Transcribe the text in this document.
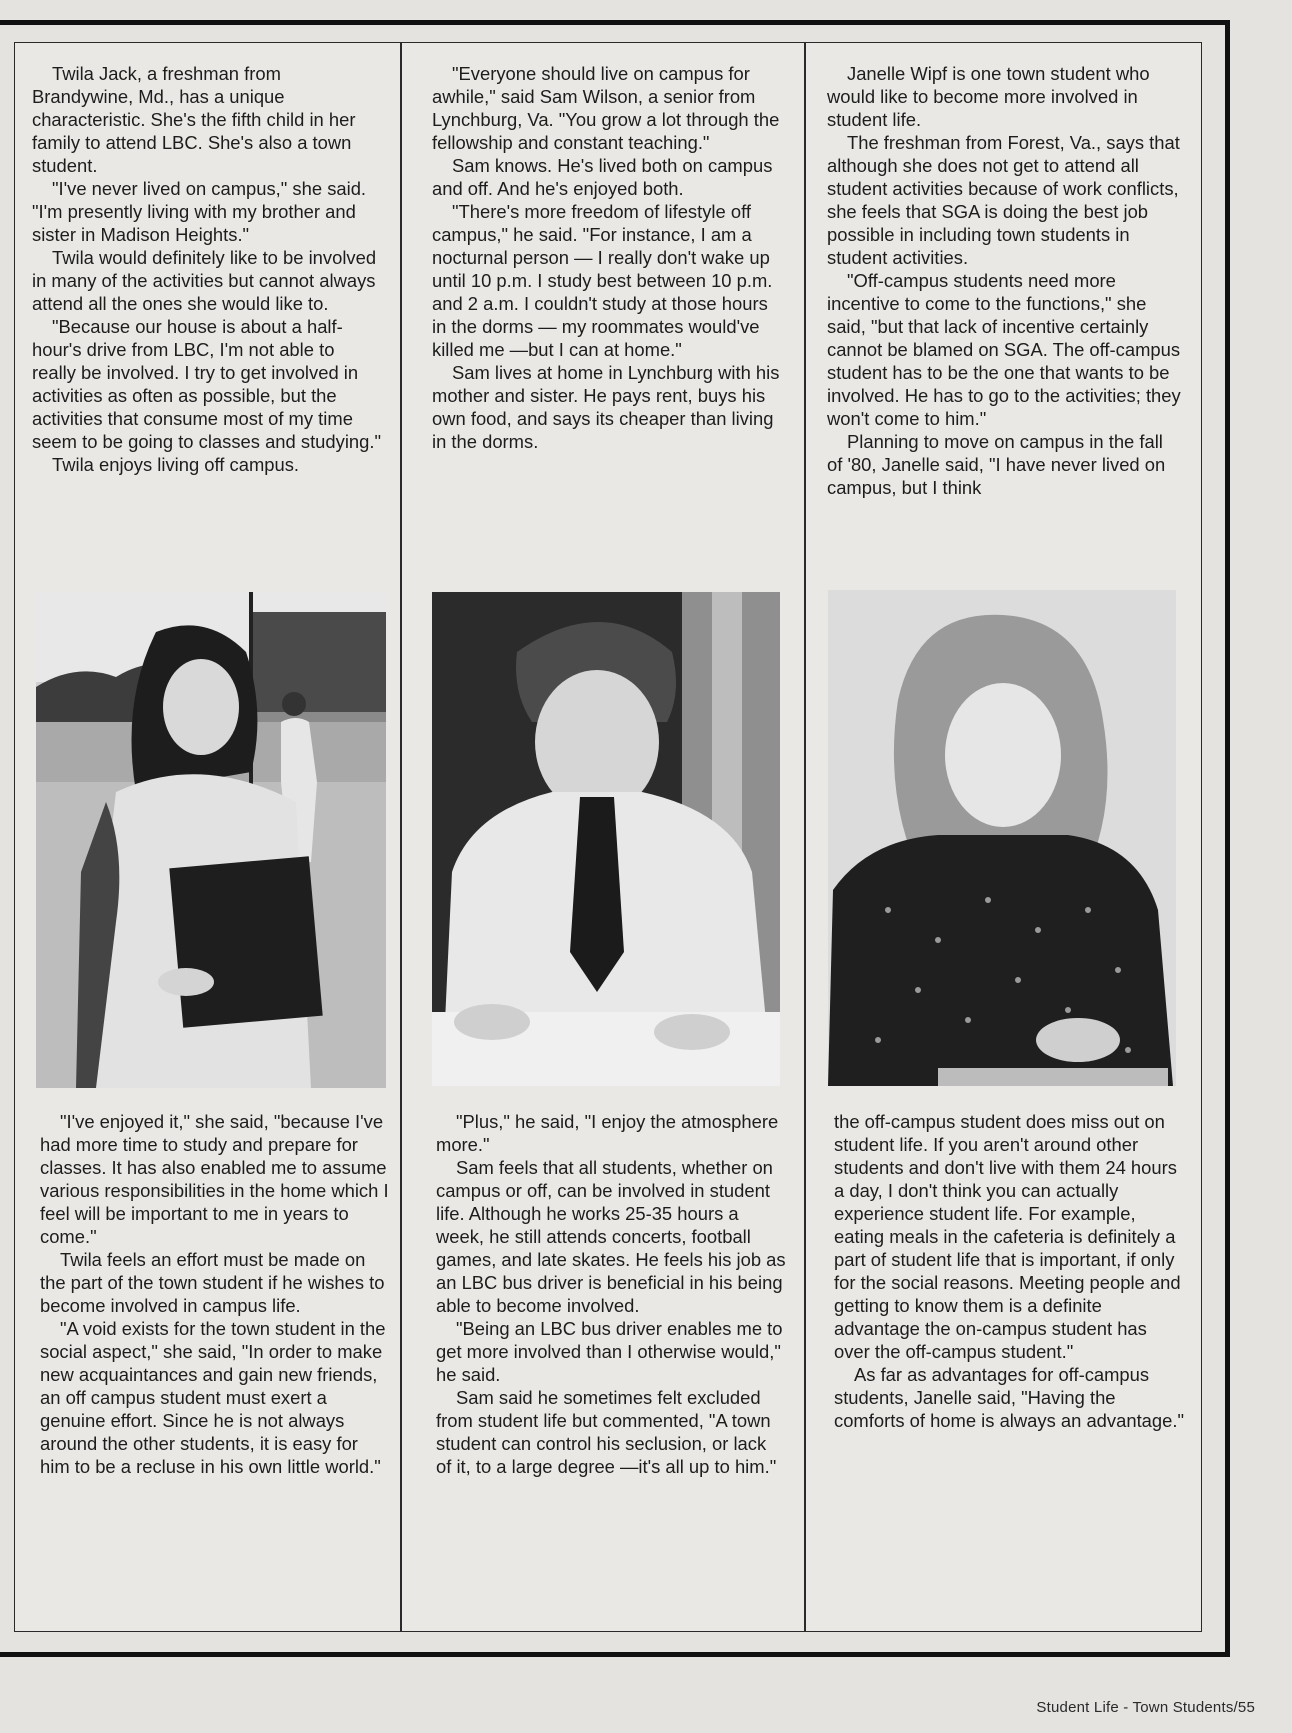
Twila Jack, a freshman from Brandywine, Md., has a unique characteristic. She's the fifth child in her family to attend LBC. She's also a town student.

"I've never lived on campus," she said. "I'm presently living with my brother and sister in Madison Heights."

Twila would definitely like to be involved in many of the activities but cannot always attend all the ones she would like to.

"Because our house is about a half-hour's drive from LBC, I'm not able to really be involved. I try to get involved in activities as often as possible, but the activities that consume most of my time seem to be going to classes and studying."

Twila enjoys living off campus.

"I've enjoyed it," she said, "because I've had more time to study and prepare for classes. It has also enabled me to assume various responsibilities in the home which I feel will be important to me in years to come."

Twila feels an effort must be made on the part of the town student if he wishes to become involved in campus life.

"A void exists for the town student in the social aspect," she said, "In order to make new acquaintances and gain new friends, an off campus student must exert a genuine effort. Since he is not always around the other students, it is easy for him to be a recluse in his own little world."

"Everyone should live on campus for awhile," said Sam Wilson, a senior from Lynchburg, Va. "You grow a lot through the fellowship and constant teaching."

Sam knows. He's lived both on campus and off. And he's enjoyed both.

"There's more freedom of lifestyle off campus," he said. "For instance, I am a nocturnal person — I really don't wake up until 10 p.m. I study best between 10 p.m. and 2 a.m. I couldn't study at those hours in the dorms — my roommates would've killed me —but I can at home."

Sam lives at home in Lynchburg with his mother and sister. He pays rent, buys his own food, and says its cheaper than living in the dorms.

"Plus," he said, "I enjoy the atmosphere more."

Sam feels that all students, whether on campus or off, can be involved in student life. Although he works 25-35 hours a week, he still attends concerts, football games, and late skates. He feels his job as an LBC bus driver is beneficial in his being able to become involved.

"Being an LBC bus driver enables me to get more involved than I otherwise would," he said.

Sam said he sometimes felt excluded from student life but commented, "A town student can control his seclusion, or lack of it, to a large degree —it's all up to him."

Janelle Wipf is one town student who would like to become more involved in student life.

The freshman from Forest, Va., says that although she does not get to attend all student activities because of work conflicts, she feels that SGA is doing the best job possible in including town students in student activities.

"Off-campus students need more incentive to come to the functions," she said, "but that lack of incentive certainly cannot be blamed on SGA. The off-campus student has to be the one that wants to be involved. He has to go to the activities; they won't come to him."

Planning to move on campus in the fall of '80, Janelle said, "I have never lived on campus, but I think

the off-campus student does miss out on student life. If you aren't around other students and don't live with them 24 hours a day, I don't think you can actually experience student life. For example, eating meals in the cafeteria is definitely a part of student life that is important, if only for the social reasons. Meeting people and getting to know them is a definite advantage the on-campus student has over the off-campus student."

As far as advantages for off-campus students, Janelle said, "Having the comforts of home is always an advantage."

Student Life - Town Students/55
